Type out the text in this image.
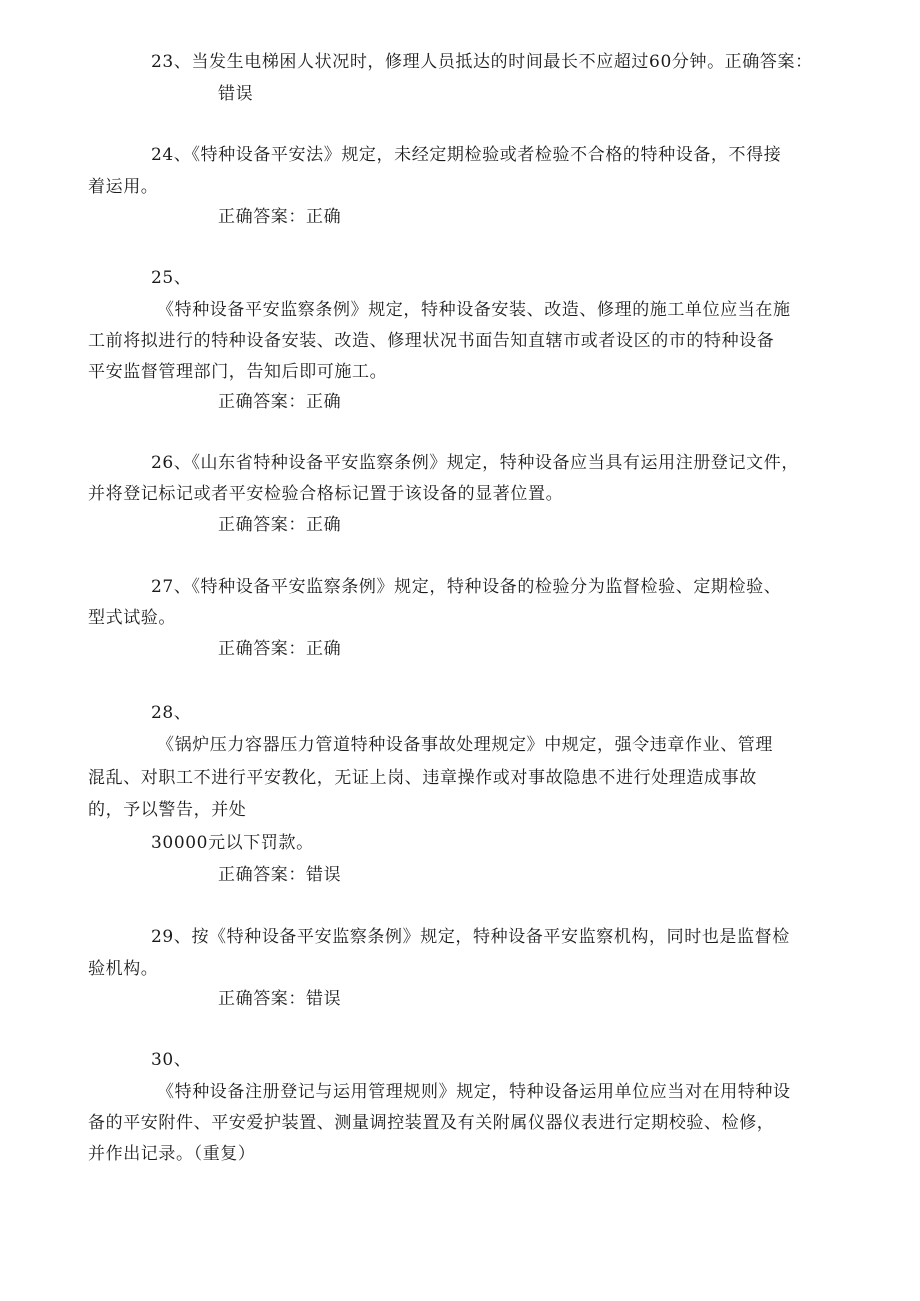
23、当发生电梯困人状况时，修理人员抵达的时间最长不应超过60分钟。正确答案：
错误
24、《特种设备平安法》规定，未经定期检验或者检验不合格的特种设备，不得接
着运用。
正确答案：正确
25、
《特种设备平安监察条例》规定，特种设备安装、改造、修理的施工单位应当在施
工前将拟进行的特种设备安装、改造、修理状况书面告知直辖市或者设区的市的特种设备
平安监督管理部门，告知后即可施工。
正确答案：正确
26、《山东省特种设备平安监察条例》规定，特种设备应当具有运用注册登记文件，
并将登记标记或者平安检验合格标记置于该设备的显著位置。
正确答案：正确
27、《特种设备平安监察条例》规定，特种设备的检验分为监督检验、定期检验、
型式试验。
正确答案：正确
28、
《锅炉压力容器压力管道特种设备事故处理规定》中规定，强令违章作业、管理
混乱、对职工不进行平安教化，无证上岗、违章操作或对事故隐患不进行处理造成事故
的，予以警告，并处
30000元以下罚款。
正确答案：错误
29、按《特种设备平安监察条例》规定，特种设备平安监察机构，同时也是监督检
验机构。
正确答案：错误
30、
《特种设备注册登记与运用管理规则》规定，特种设备运用单位应当对在用特种设
备的平安附件、平安爱护装置、测量调控装置及有关附属仪器仪表进行定期校验、检修，
并作出记录。（重复）
